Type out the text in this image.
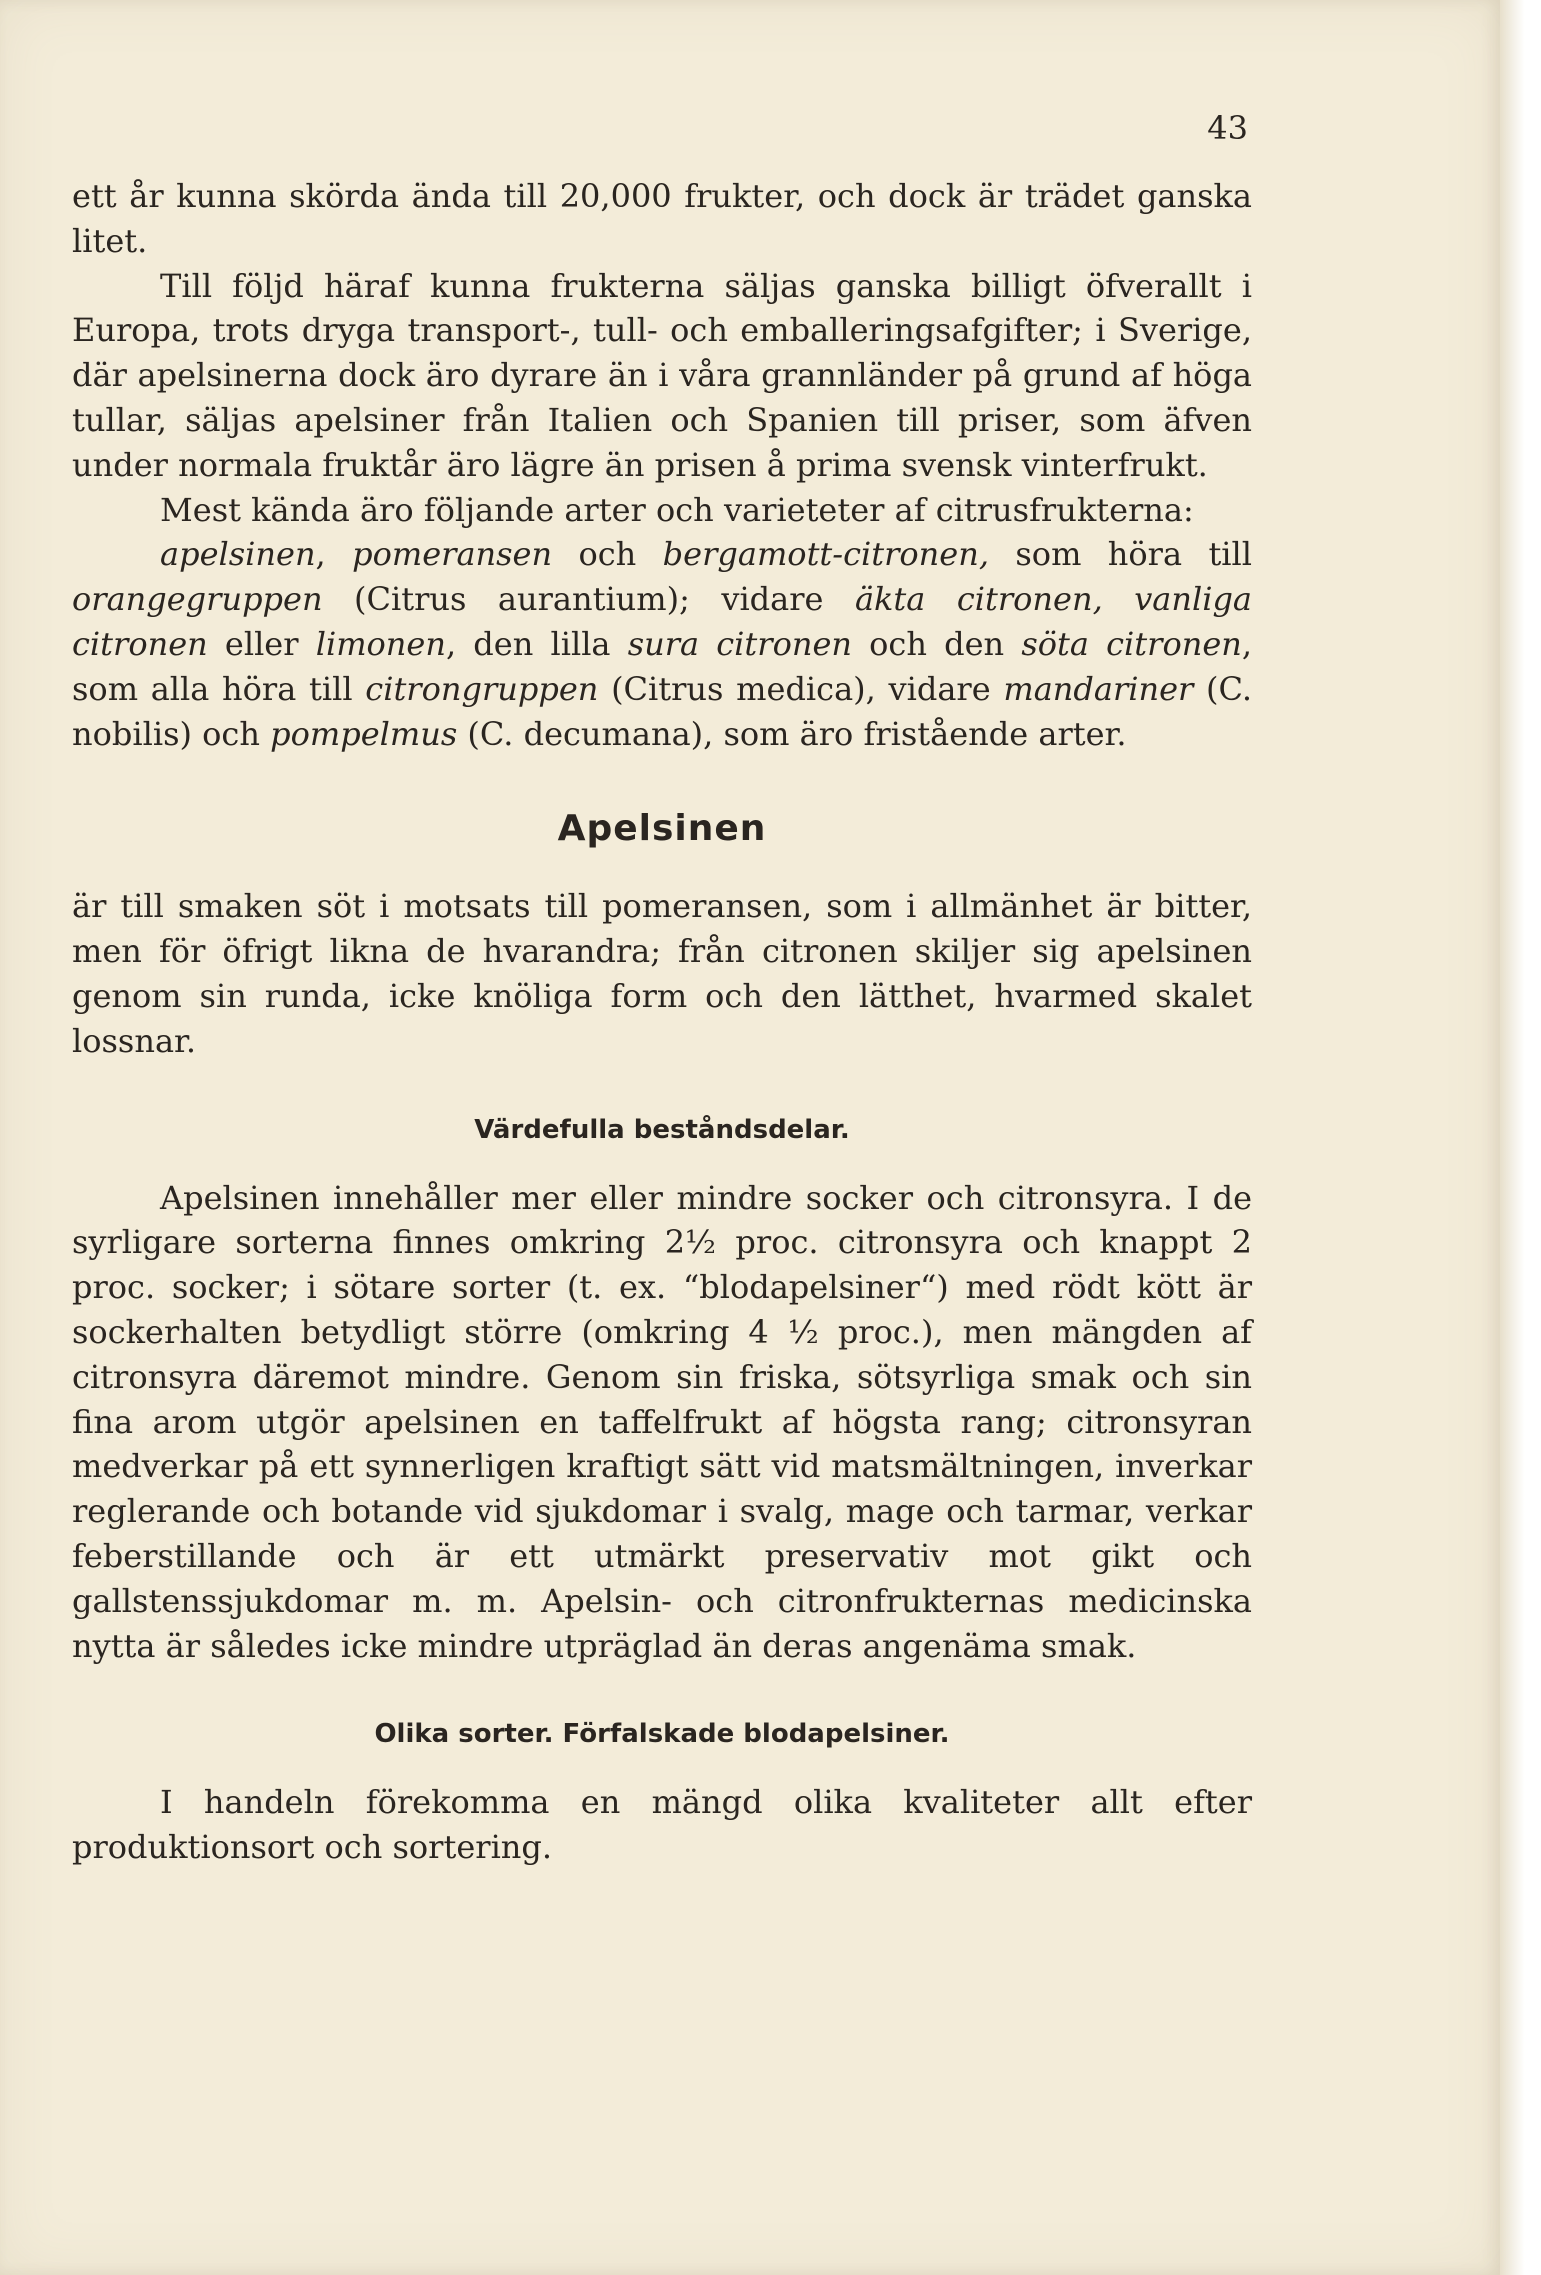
43

ett år kunna skörda ända till 20,000 frukter, och dock är trädet ganska litet.

Till följd häraf kunna frukterna säljas ganska billigt öfverallt i Europa, trots dryga transport-, tull- och emballeringsafgifter; i Sverige, där apelsinerna dock äro dyrare än i våra grannländer på grund af höga tullar, säljas apelsiner från Italien och Spanien till priser, som äfven under normala fruktår äro lägre än prisen å prima svensk vinterfrukt.

Mest kända äro följande arter och varieteter af citrusfrukterna:

apelsinen, pomeransen och bergamott-citronen, som höra till orangegruppen (Citrus aurantium); vidare äkta citronen, vanliga citronen eller limonen, den lilla sura citronen och den söta citronen, som alla höra till citrongruppen (Citrus medica), vidare mandariner (C. nobilis) och pompelmus (C. decumana), som äro fristående arter.

Apelsinen

är till smaken söt i motsats till pomeransen, som i allmänhet är bitter, men för öfrigt likna de hvarandra; från citronen skiljer sig apelsinen genom sin runda, icke knöliga form och den lätthet, hvarmed skalet lossnar.

Värdefulla beståndsdelar.

Apelsinen innehåller mer eller mindre socker och citronsyra. I de syrligare sorterna finnes omkring 2½ proc. citronsyra och knappt 2 proc. socker; i sötare sorter (t. ex. “blodapelsiner“) med rödt kött är sockerhalten betydligt större (omkring 4 ½ proc.), men mängden af citronsyra däremot mindre. Genom sin friska, sötsyrliga smak och sin fina arom utgör apelsinen en taffelfrukt af högsta rang; citronsyran medverkar på ett synnerligen kraftigt sätt vid matsmältningen, inverkar reglerande och botande vid sjukdomar i svalg, mage och tarmar, verkar feberstillande och är ett utmärkt preservativ mot gikt och gallstenssjukdomar m. m. Apelsin- och citronfrukternas medicinska nytta är således icke mindre utpräglad än deras angenäma smak.

Olika sorter. Förfalskade blodapelsiner.

I handeln förekomma en mängd olika kvaliteter allt efter produktionsort och sortering.
